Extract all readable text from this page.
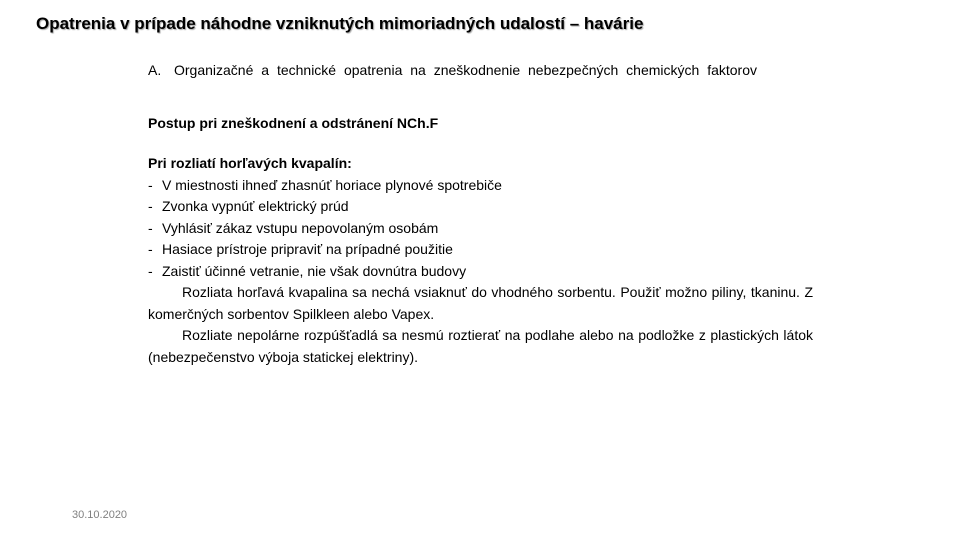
Opatrenia v prípade náhodne vzniknutých mimoriadných udalostí – havárie
A. Organizačné a technické opatrenia na zneškodnenie nebezpečných chemických faktorov
Postup pri zneškodnení a odstránení NCh.F
Pri rozliatí horľavých kvapalín:
- V miestnosti ihneď zhasnúť horiace plynové spotrebiče
- Zvonka vypnúť elektrický prúd
- Vyhlásiť zákaz vstupu nepovolaným osobám
- Hasiace prístroje pripraviť na prípadné použitie
- Zaistiť účinné vetranie, nie však dovnútra budovy
Rozliata horľavá kvapalina sa nechá vsiaknuť do vhodného sorbentu. Použiť možno piliny, tkaninu. Z komerčných sorbentov Spilkleen alebo Vapex.
Rozliate nepolárne rozpúšťadlá sa nesmú roztierať na podlahe alebo na podložke z plastických látok (nebezpečenstvo výboja statickej elektriny).
30.10.2020
